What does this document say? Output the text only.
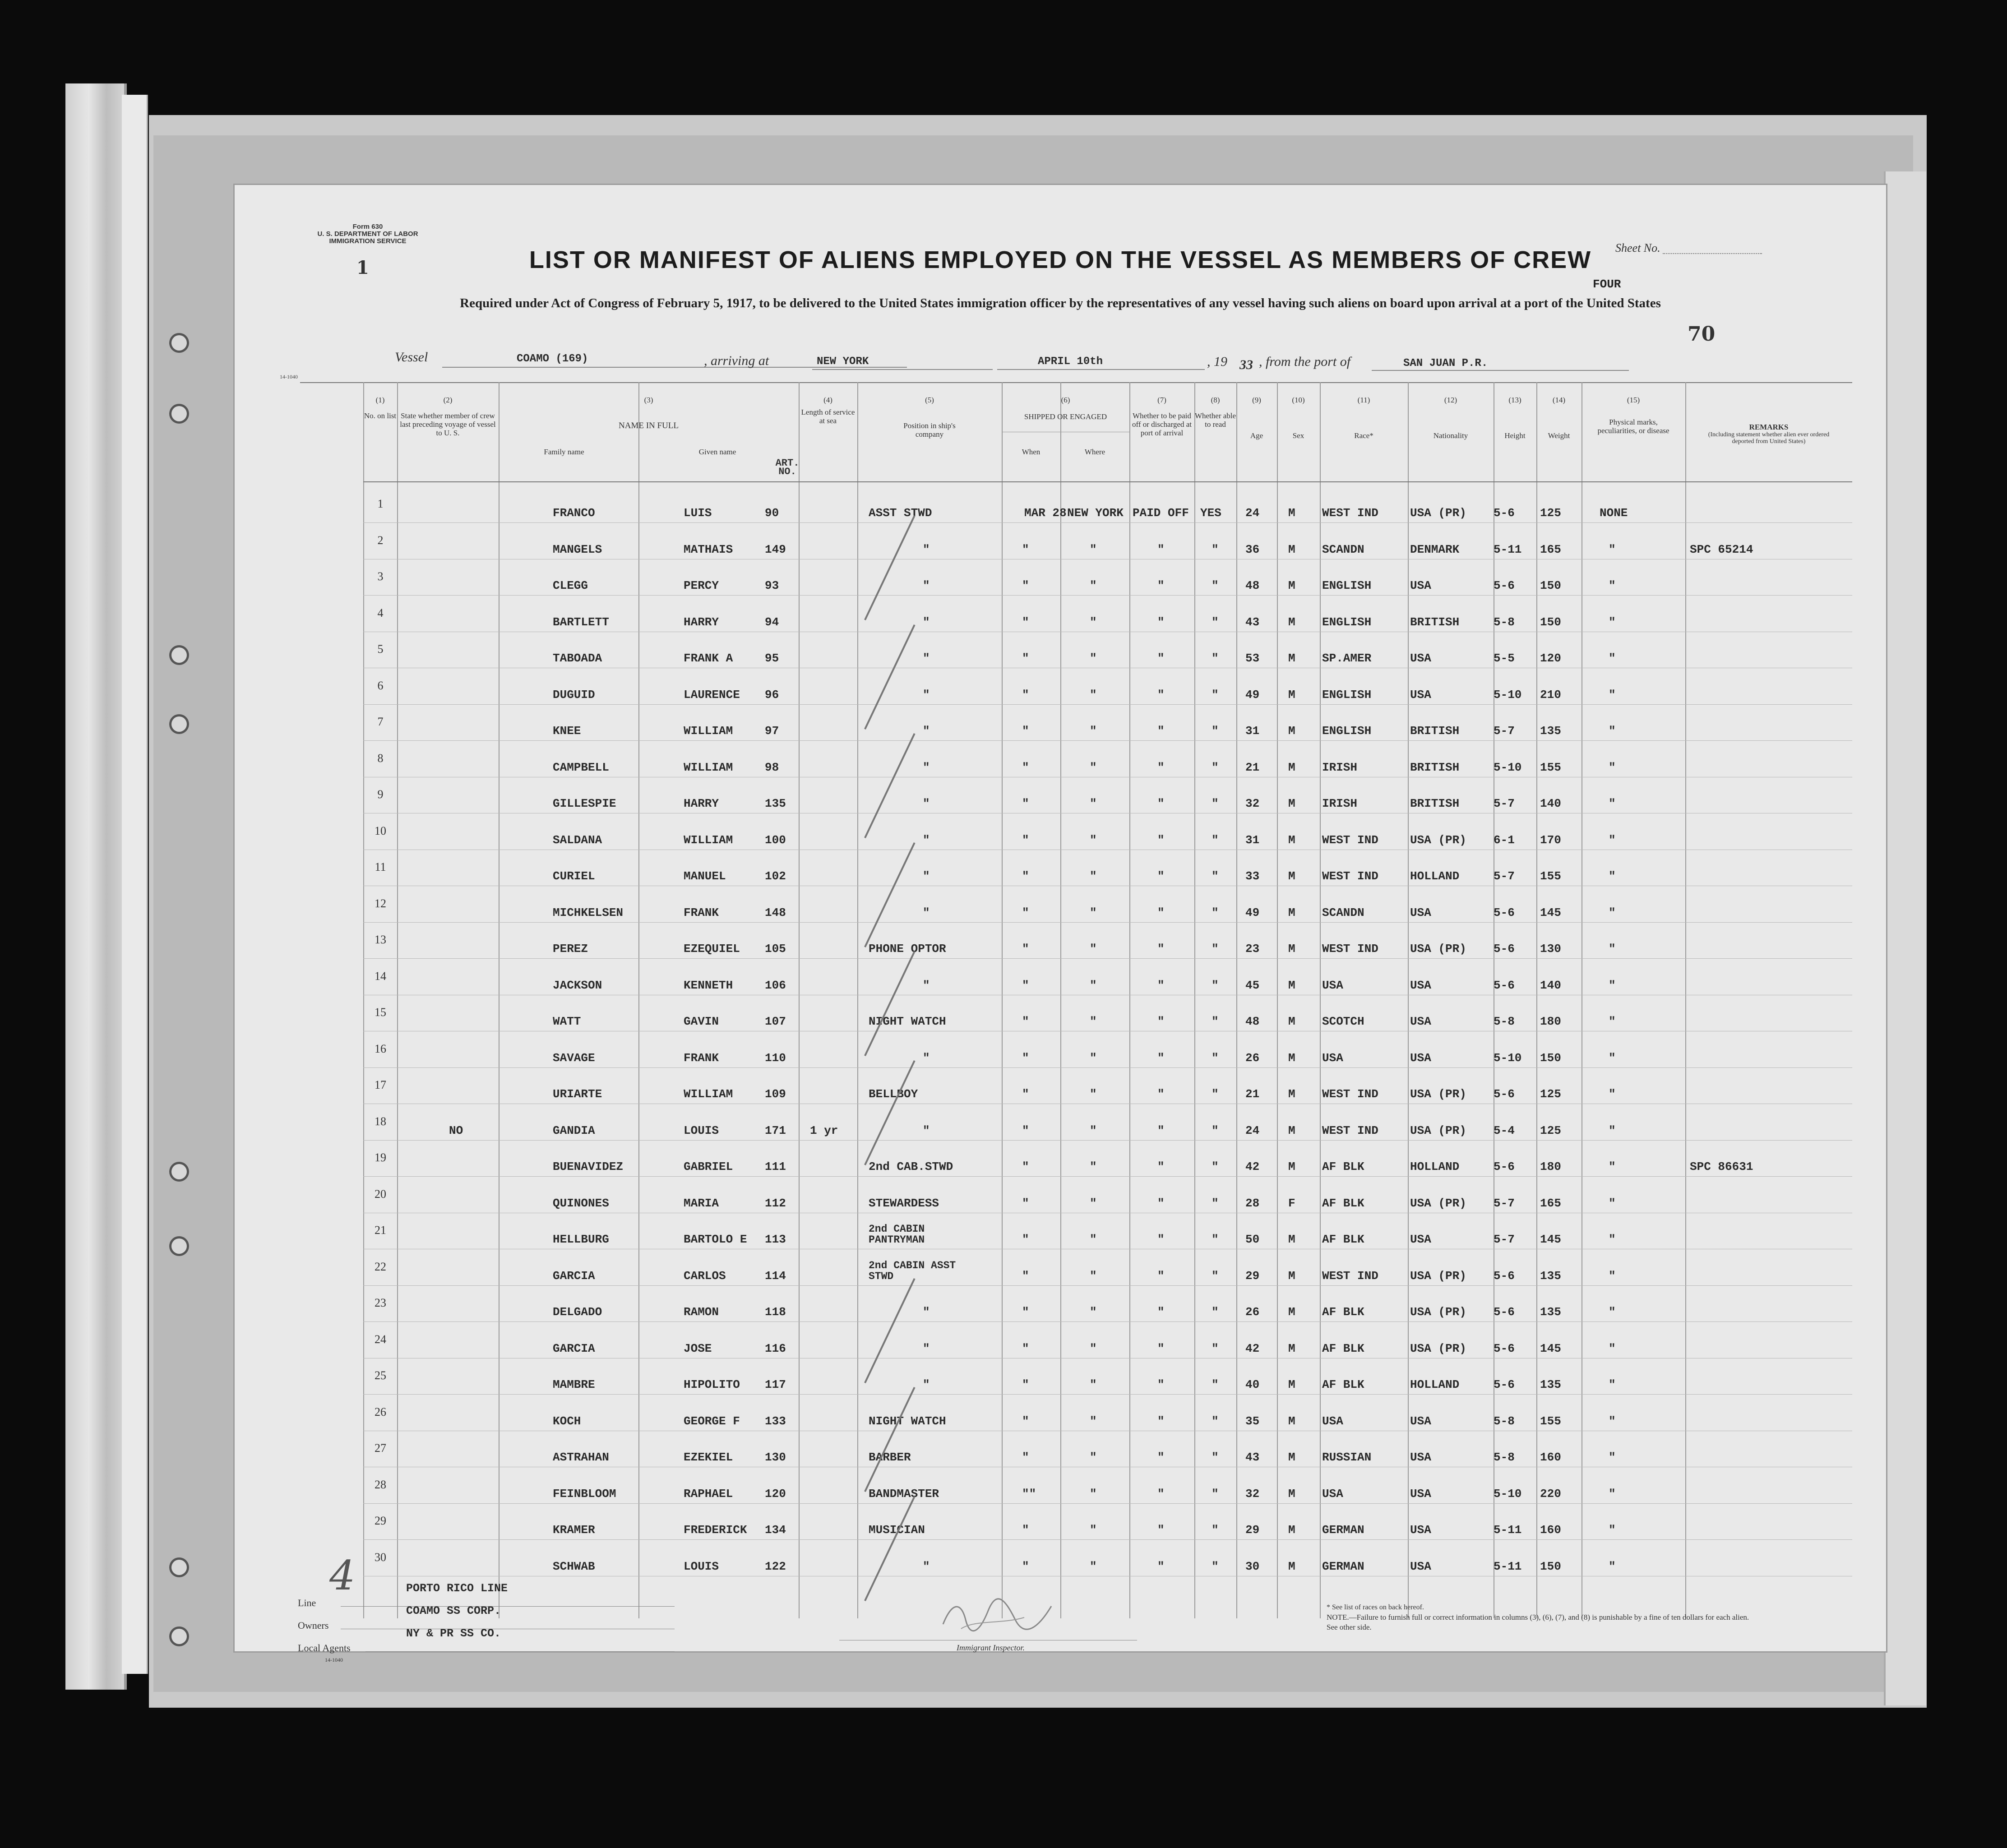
Form 630
U. S. DEPARTMENT OF LABOR
IMMIGRATION SERVICE
1	LIST OR MANIFEST OF ALIENS EMPLOYED ON THE VESSEL AS MEMBERS OF CREW
Required under Act of Congress of February 5, 1917, to be delivered to the United States immigration officer by the representatives of any vessel having such aliens on board upon arrival at a port of the United States
Sheet No.
FOUR
70
Vessel	COAMO (169)	, arriving at	NEW YORK	APRIL 10th	, 19 33 , from the port of	SAN JUAN P.R.
14-1040
(1)
No. on list
(2)
State whether member of crew last preceding voyage of vessel to U. S.
(3)
NAME IN FULL
Family name	Given name
ART. NO.
(4)
Length of service at sea
(5)
Position in ship's company
(6)
SHIPPED OR ENGAGED
When	Where
(7)
Whether to be paid off or discharged at port of arrival
(8)
Whether able to read
(9)
Age
(10)
Sex
(11)
Race*
(12)
Nationality
(13)
Height
(14)
Weight
(15)
Physical marks, peculiarities, or disease	REMARKS
(Including statement whether alien ever ordered deported from United States)
1
FRANCO	LUIS	90	ASST STWD	MAR 28 NEW YORK PAID OFF YES 24 M WEST IND	USA (PR) 5-6 125	NONE
2
MANGELS	MATHAIS	149	"	"	"	"	" 36 M SCANDN	DENMARK	5-11 165	"	SPC 65214
3
CLEGG	PERCY	93	"	"	"	"	" 48 M ENGLISH	USA	5-6 150	"
4
BARTLETT	HARRY	94	"	"	"	"	" 43 M ENGLISH	BRITISH	5-8 150	"
5
TABOADA	FRANK A	95	"	"	"	"	" 53 M SP.AMER	USA	5-5 120	"
6
DUGUID	LAURENCE 96	"	"	"	"	" 49 M ENGLISH	USA	5-10 210	"
7
KNEE	WILLIAM	97	"	"	"	"	" 31 M ENGLISH	BRITISH	5-7 135	"
8
CAMPBELL	WILLIAM	98	"	"	"	"	" 21 M IRISH	BRITISH	5-10 155	"
9
GILLESPIE	HARRY	135	"	"	"	"	" 32 M IRISH	BRITISH	5-7 140	"
10
SALDANA	WILLIAM	100	"	"	"	"	" 31 M WEST IND	USA (PR) 6-1 170	"
11
CURIEL	MANUEL	102	"	"	"	"	" 33 M WEST IND	HOLLAND	5-7 155	"
12
MICHKELSEN	FRANK	148	"	"	"	"	" 49 M SCANDN	USA	5-6 145	"
13
PEREZ	EZEQUIEL 105	PHONE OPTOR	"	"	"	" 23 M WEST IND	USA (PR) 5-6 130	"
14
JACKSON	KENNETH	106	"	"	"	"	" 45 M USA	USA	5-6 140	"
15
WATT	GAVIN	107	NIGHT WATCH	"	"	"	" 48 M SCOTCH	USA	5-8 180	"
16
SAVAGE	FRANK	110	"	"	"	"	" 26 M USA	USA	5-10 150	"
17
URIARTE	WILLIAM	109	BELLBOY	"	"	"	" 21 M WEST IND	USA (PR) 5-6 125	"
18
NO	GANDIA	LOUIS	171 1 yr	"	"	"	"	" 24 M WEST IND	USA (PR) 5-4 125	"
19
BUENAVIDEZ	GABRIEL	111	2nd CAB.STWD	"	"	"	" 42 M AF BLK	HOLLAND	5-6 180	"	SPC 86631
20
QUINONES	MARIA	112	STEWARDESS	"	"	"	" 28 F AF BLK	USA (PR) 5-7 165	"
21
HELLBURG	BARTOLO E 113
2nd CABIN PANTRYMAN	"	"	"	" 50 M AF BLK	USA	5-7 145	"
22
GARCIA	CARLOS	114
2nd CABIN ASST STWD	"	"	"	" 29 M WEST IND	USA (PR) 5-6 135	"
23
DELGADO	RAMON	118	"	"	"	"	" 26 M AF BLK	USA (PR) 5-6 135	"
24
GARCIA	JOSE	116	"	"	"	"	" 42 M AF BLK	USA (PR) 5-6 145	"
25
MAMBRE	HIPOLITO 117	"	"	"	"	" 40 M AF BLK	HOLLAND	5-6 135	"
26
KOCH	GEORGE F 133	NIGHT WATCH	"	"	"	" 35 M USA	USA	5-8 155	"
27
ASTRAHAN	EZEKIEL	130	BARBER	"	"	"	" 43 M RUSSIAN	USA	5-8 160	"
28
FEINBLOOM	RAPHAEL	120	BANDMASTER	""	"	"	" 32 M USA	USA	5-10 220	"
29
KRAMER	FREDERICK 134	MUSICIAN	"	"	"	" 29 M GERMAN	USA	5-11 160	"
30
SCHWAB	LOUIS	122	"	"	"	"	" 30 M GERMAN	USA	5-11 150	"
4
Line
Owners
Local Agents
14-1040
PORTO RICO LINE
COAMO SS CORP.
NY & PR SS CO.
Immigrant Inspector.
* See list of races on back hereof.
NOTE.—Failure to furnish full or correct information in columns (3), (6), (7), and (8) is punishable by a fine of ten dollars for each alien. See other side.
